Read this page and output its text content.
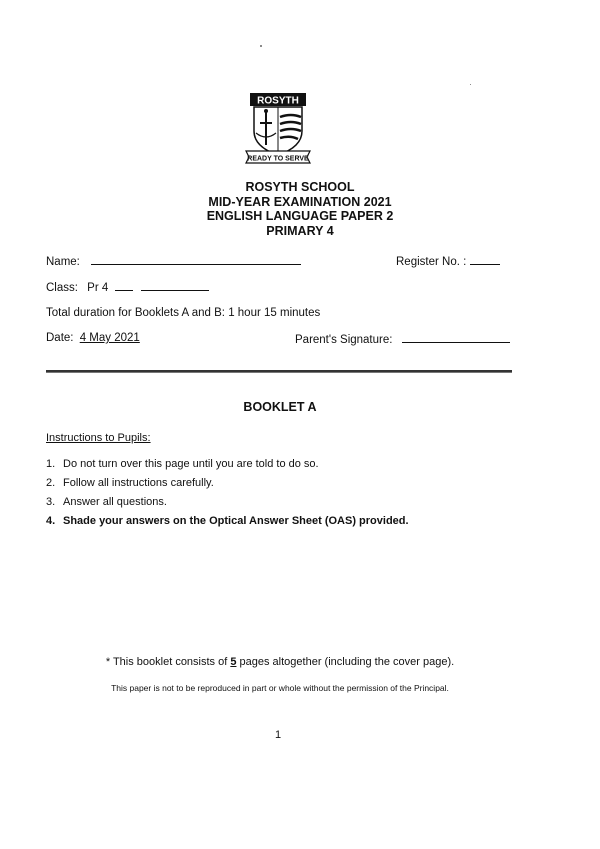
ROSYTH
READY TO SERVE
ROSYTH SCHOOL
MID-YEAR EXAMINATION 2021
ENGLISH LANGUAGE PAPER 2
PRIMARY 4
Name:	Register No. :
Class: Pr 4
Total duration for Booklets A and B: 1 hour 15 minutes
Date: 4 May 2021	Parent's Signature:
BOOKLET A
Instructions to Pupils:
1. Do not turn over this page until you are told to do so.
2. Follow all instructions carefully.
3. Answer all questions.
4. Shade your answers on the Optical Answer Sheet (OAS) provided.
* This booklet consists of 5 pages altogether (including the cover page).
This paper is not to be reproduced in part or whole without the permission of the Principal.
1
